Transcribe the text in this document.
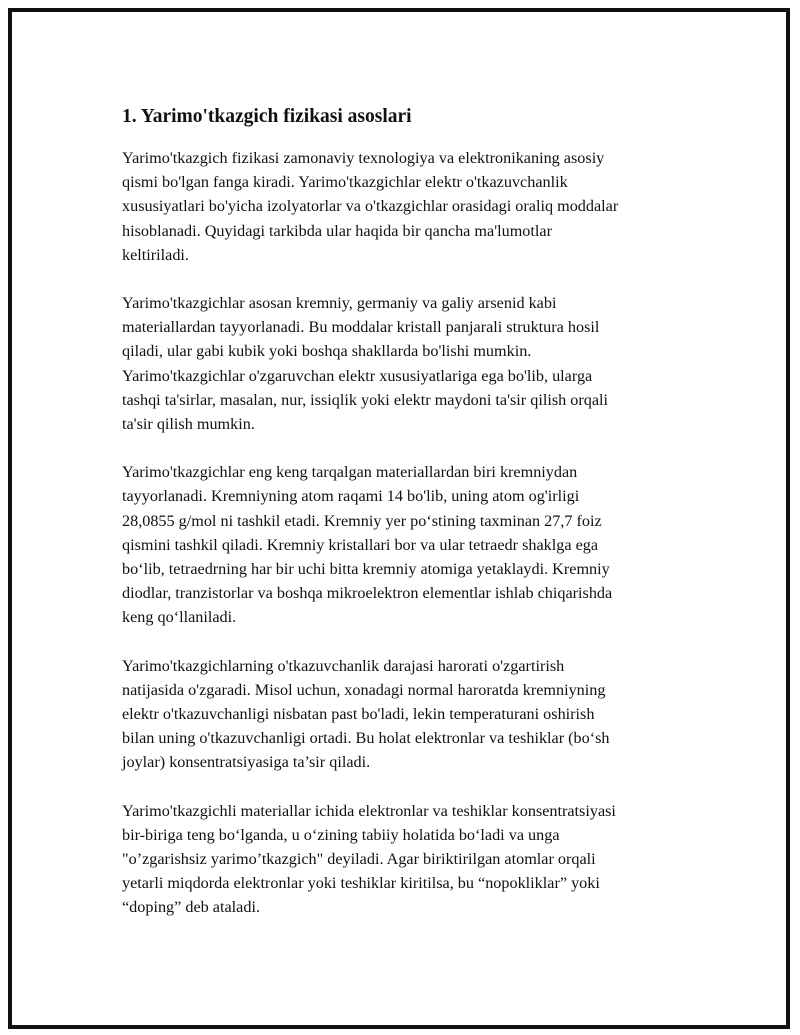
1. Yarimo'tkazgich fizikasi asoslari

Yarimo'tkazgich fizikasi zamonaviy texnologiya va elektronikaning asosiy
qismi bo'lgan fanga kiradi. Yarimo'tkazgichlar elektr o'tkazuvchanlik
xususiyatlari bo'yicha izolyatorlar va o'tkazgichlar orasidagi oraliq moddalar
hisoblanadi. Quyidagi tarkibda ular haqida bir qancha ma'lumotlar
keltiriladi.

Yarimo'tkazgichlar asosan kremniy, germaniy va galiy arsenid kabi
materiallardan tayyorlanadi. Bu moddalar kristall panjarali struktura hosil
qiladi, ular gabi kubik yoki boshqa shakllarda bo'lishi mumkin.
Yarimo'tkazgichlar o'zgaruvchan elektr xususiyatlariga ega bo'lib, ularga
tashqi ta'sirlar, masalan, nur, issiqlik yoki elektr maydoni ta'sir qilish orqali
ta'sir qilish mumkin.

Yarimo'tkazgichlar eng keng tarqalgan materiallardan biri kremniydan
tayyorlanadi. Kremniyning atom raqami 14 bo'lib, uning atom og'irligi
28,0855 g/mol ni tashkil etadi. Kremniy yer po‘stining taxminan 27,7 foiz
qismini tashkil qiladi. Kremniy kristallari bor va ular tetraedr shaklga ega
bo‘lib, tetraedrning har bir uchi bitta kremniy atomiga yetaklaydi. Kremniy
diodlar, tranzistorlar va boshqa mikroelektron elementlar ishlab chiqarishda
keng qo‘llaniladi.

Yarimo'tkazgichlarning o'tkazuvchanlik darajasi harorati o'zgartirish
natijasida o'zgaradi. Misol uchun, xonadagi normal haroratda kremniyning
elektr o'tkazuvchanligi nisbatan past bo'ladi, lekin temperaturani oshirish
bilan uning o'tkazuvchanligi ortadi. Bu holat elektronlar va teshiklar (bo‘sh
joylar) konsentratsiyasiga ta’sir qiladi.

Yarimo'tkazgichli materiallar ichida elektronlar va teshiklar konsentratsiyasi
bir-biriga teng bo‘lganda, u o‘zining tabiiy holatida bo‘ladi va unga
"o’zgarishsiz yarimo’tkazgich" deyiladi. Agar biriktirilgan atomlar orqali
yetarli miqdorda elektronlar yoki teshiklar kiritilsa, bu “nopokliklar” yoki
“doping” deb ataladi.
